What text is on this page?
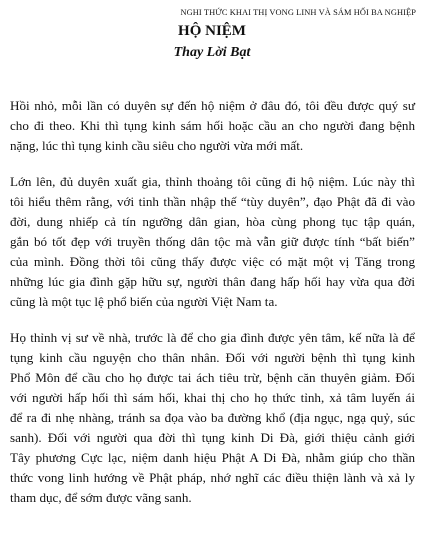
NGHI THỨC KHAI THỊ VONG LINH VÀ SÁM HỐI BA NGHIỆP
HỘ NIỆM
Thay Lời Bạt

Hồi nhỏ, mỗi lần có duyên sự đến hộ niệm ở đâu đó, tôi đều được quý sư
cho đi theo. Khi thì tụng kinh sám hối hoặc cầu an cho người đang bệnh
nặng, lúc thì tụng kinh cầu siêu cho người vừa mới mất.

Lớn lên, đủ duyên xuất gia, thỉnh thoảng tôi cũng đi hộ niệm. Lúc này thì
tôi hiểu thêm rằng, với tinh thần nhập thế “tùy duyên”, đạo Phật đã đi vào
đời, dung nhiếp cả tín ngưỡng dân gian, hòa cùng phong tục tập quán,
gắn bó tốt đẹp với truyền thống dân tộc mà vẫn giữ được tính “bất biến”
của mình. Đồng thời tôi cũng thấy được việc có mặt một vị Tăng trong
những lúc gia đình gặp hữu sự, người thân đang hấp hối hay vừa qua đời
cũng là một tục lệ phổ biến của người Việt Nam ta.

Họ thỉnh vị sư về nhà, trước là để cho gia đình được yên tâm, kế nữa là để
tụng kinh cầu nguyện cho thân nhân. Đối với người bệnh thì tụng kinh
Phổ Môn để cầu cho họ được tai ách tiêu trừ, bệnh căn thuyên giảm. Đối
với người hấp hối thì sám hối, khai thị cho họ thức tỉnh, xả tâm luyến ái
để ra đi nhẹ nhàng, tránh sa đọa vào ba đường khổ (địa ngục, ngạ quỷ, súc
sanh). Đối với người qua đời thì tụng kinh Di Đà, giới thiệu cảnh giới
Tây phương Cực lạc, niệm danh hiệu Phật A Di Đà, nhằm giúp cho thần
thức vong linh hướng về Phật pháp, nhớ nghĩ các điều thiện lành và xả ly
tham dục, để sớm được vãng sanh.
